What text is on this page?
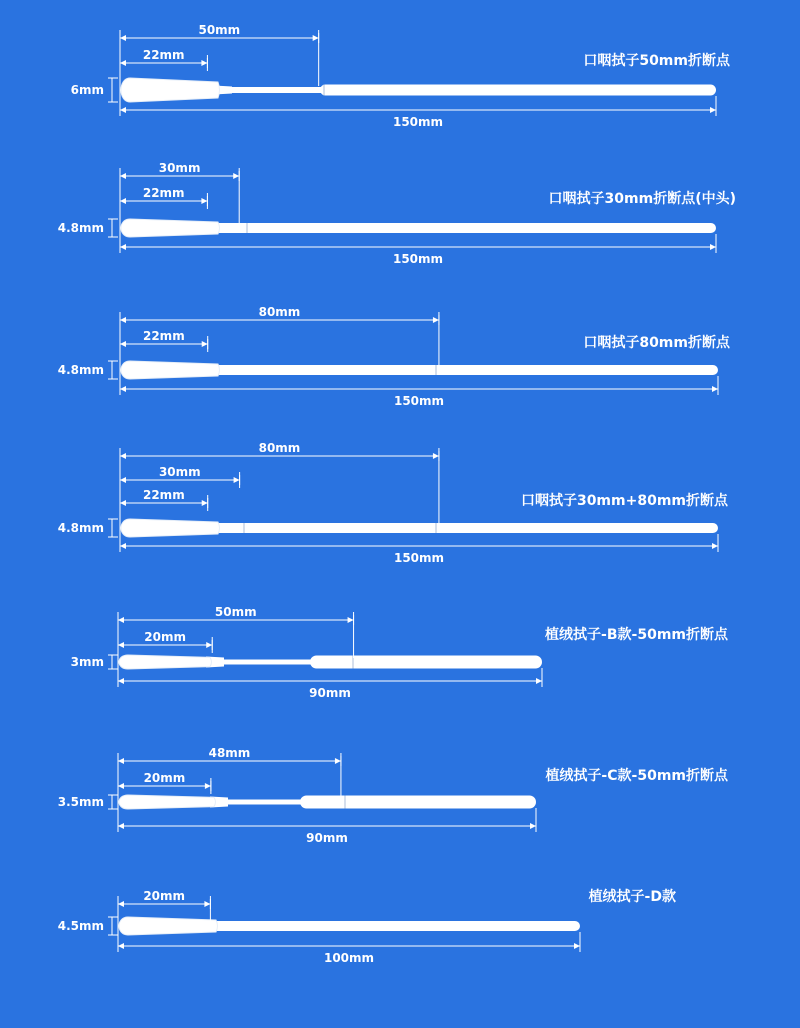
50mm
22mm
150mm
6mm
口咽拭子50mm折断点
30mm
22mm
150mm
4.8mm
口咽拭子30mm折断点(中头)
80mm
22mm
150mm
4.8mm
口咽拭子80mm折断点
80mm
30mm
22mm
150mm
4.8mm
口咽拭子30mm+80mm折断点
50mm
20mm
90mm
3mm
植绒拭子-B款-50mm折断点
48mm
20mm
90mm
3.5mm
植绒拭子-C款-50mm折断点
20mm
100mm
4.5mm
植绒拭子-D款
